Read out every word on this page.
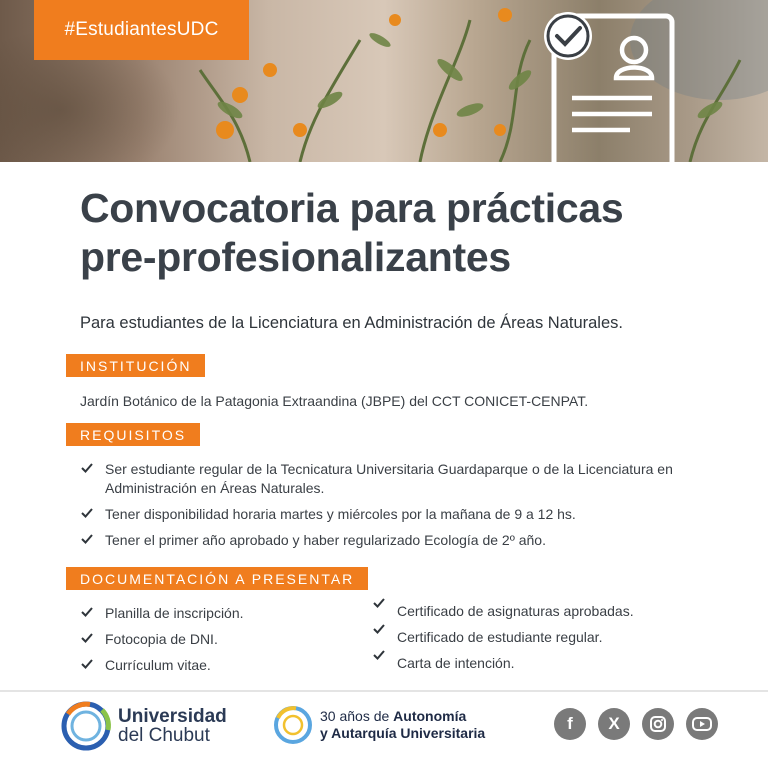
#EstudiantesUDC
Convocatoria para prácticas
pre-profesionalizantes
Para estudiantes de la Licenciatura en Administración de Áreas Naturales.
INSTITUCIÓN
Jardín Botánico de la Patagonia Extraandina (JBPE) del CCT CONICET-CENPAT.
REQUISITOS
Ser estudiante regular de la Tecnicatura Universitaria Guardaparque o de la Licenciatura en Administración en Áreas Naturales.
Tener disponibilidad horaria martes y miércoles por la mañana de 9 a 12 hs.
Tener el primer año aprobado y haber regularizado Ecología de 2º año.
DOCUMENTACIÓN A PRESENTAR
Planilla de inscripción.
Fotocopia de DNI.
Currículum vitae.
Certificado de asignaturas aprobadas.
Certificado de estudiante regular.
Carta de intención.
Universidad
del Chubut
30 años de Autonomía
y Autarquía Universitaria	f X
